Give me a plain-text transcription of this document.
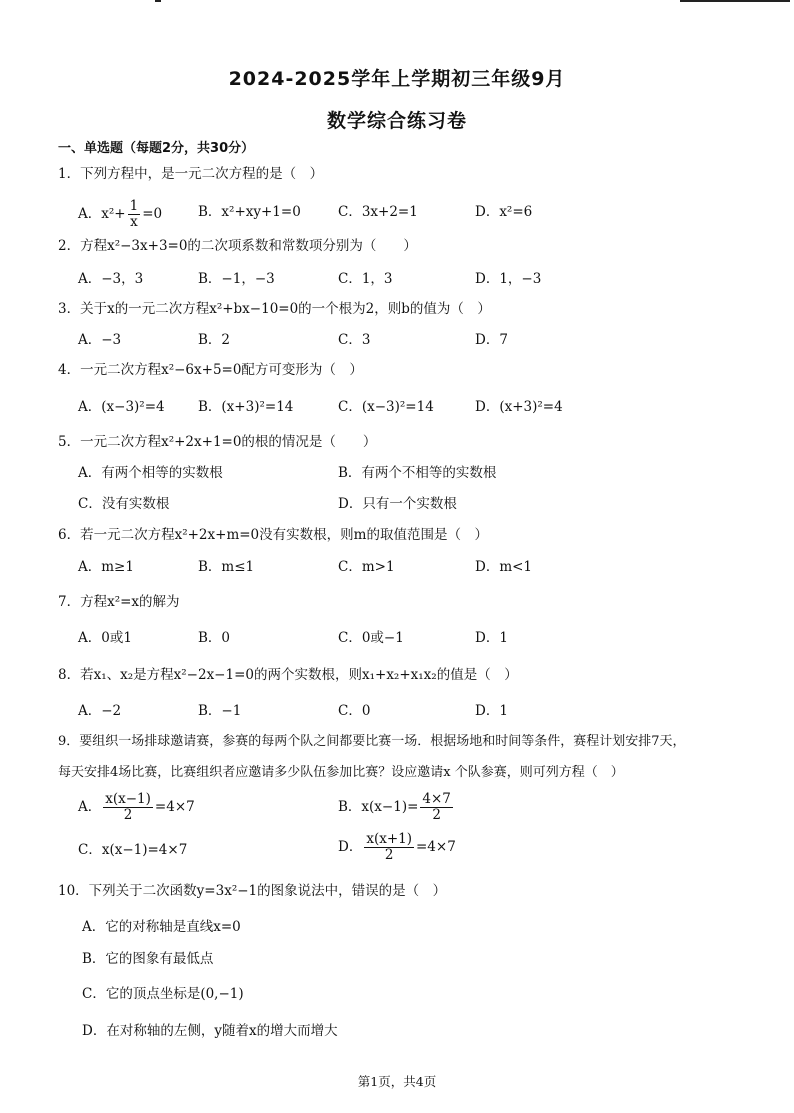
2024-2025学年上学期初三年级9月
数学综合练习卷
一、单选题（每题2分，共30分）
1．下列方程中，是一元二次方程的是（　）
A．$x^2+ \frac{1}{x} =0$	B．x²+xy+1=0	C．3x+2=1	D．x²=6
2．方程x²−3x+3=0的二次项系数和常数项分别为（　　）
A．−3，3	B．−1，−3	C．1，3	D．1，−3
3．关于x的一元二次方程x²+bx−10=0的一个根为2，则b的值为（　）
A．−3	B．2	C．3	D．7
4．一元二次方程x²−6x+5=0配方可变形为（　）
A．(x−3)²=4 B．(x+3)²=14	C．(x−3)²=14	D．(x+3)²=4
5．一元二次方程x²+2x+1=0的根的情况是（　　）
A．有两个相等的实数根	B．有两个不相等的实数根
C．没有实数根	D．只有一个实数根
6．若一元二次方程x²+2x+m=0没有实数根，则m的取值范围是（　）
A．m≥1	B．m≤1	C．m>1	D．m<1
7．方程x²=x的解为
A．0或1	B．0	C．0或−1	D．1
8．若x₁、x₂是方程x²−2x−1=0的两个实数根，则x₁+x₂+x₁x₂的值是（　）
A．−2	B．−1	C．0	D．1
9．要组织一场排球邀请赛，参赛的每两个队之间都要比赛一场．根据场地和时间等条件，赛程计划安排7天，
每天安排4场比赛，比赛组织者应邀请多少队伍参加比赛？设应邀请x 个队参赛，则可列方程（　）
A． $\frac{x(x-1)}{2} =4\times 7$	B．$x(x-1)= \frac{4\times 7}{2}$
C．x(x−1)=4×7	D． $\frac{x(x+1)}{2} =4\times 7$
10．下列关于二次函数y=3x²−1的图象说法中，错误的是（　）
A．它的对称轴是直线x=0
B．它的图象有最低点
C．它的顶点坐标是(0,−1)
D．在对称轴的左侧，y随着x的增大而增大
第1页，共4页
